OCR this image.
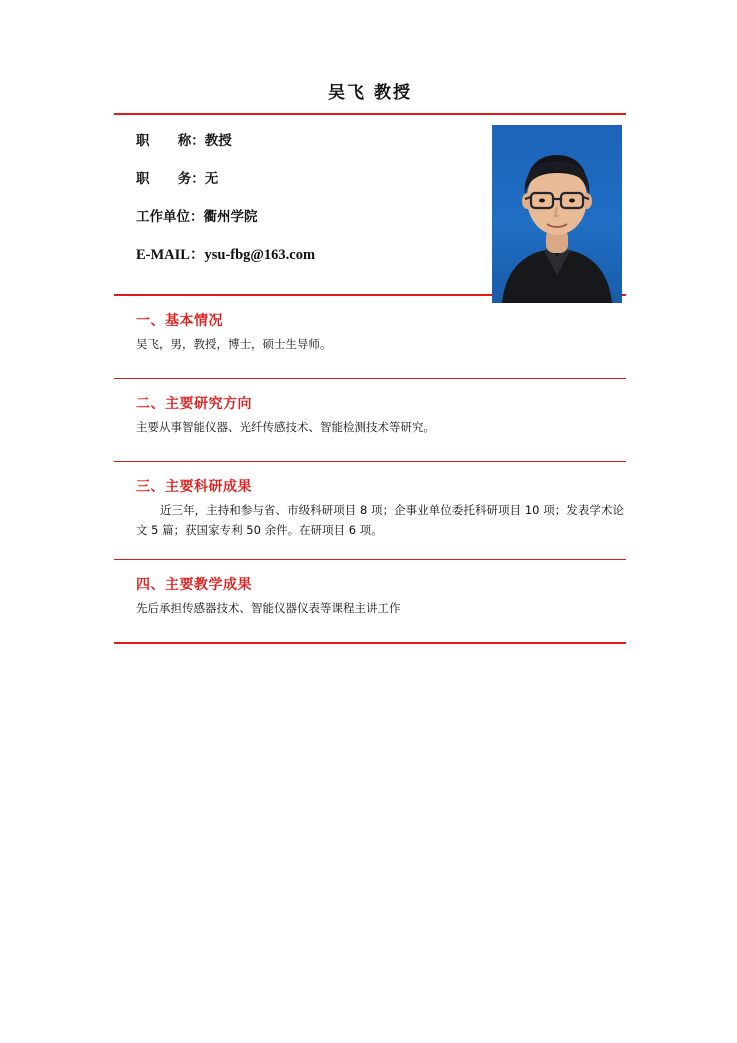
吴飞 教授
职      称： 教授
职      务： 无
工作单位： 衢州学院
E-MAIL： ysu-fbg@163.com
一、基本情况
吴飞，男，教授，博士，硕士生导师。
二、主要研究方向
主要从事智能仪器、光纤传感技术、智能检测技术等研究。
三、主要科研成果
近三年，主持和参与省、市级科研项目 8 项；企事业单位委托科研项目 10 项；发表学术论文 5 篇；获国家专利 50 余件。在研项目 6 项。
四、主要教学成果
先后承担传感器技术、智能仪器仪表等课程主讲工作
